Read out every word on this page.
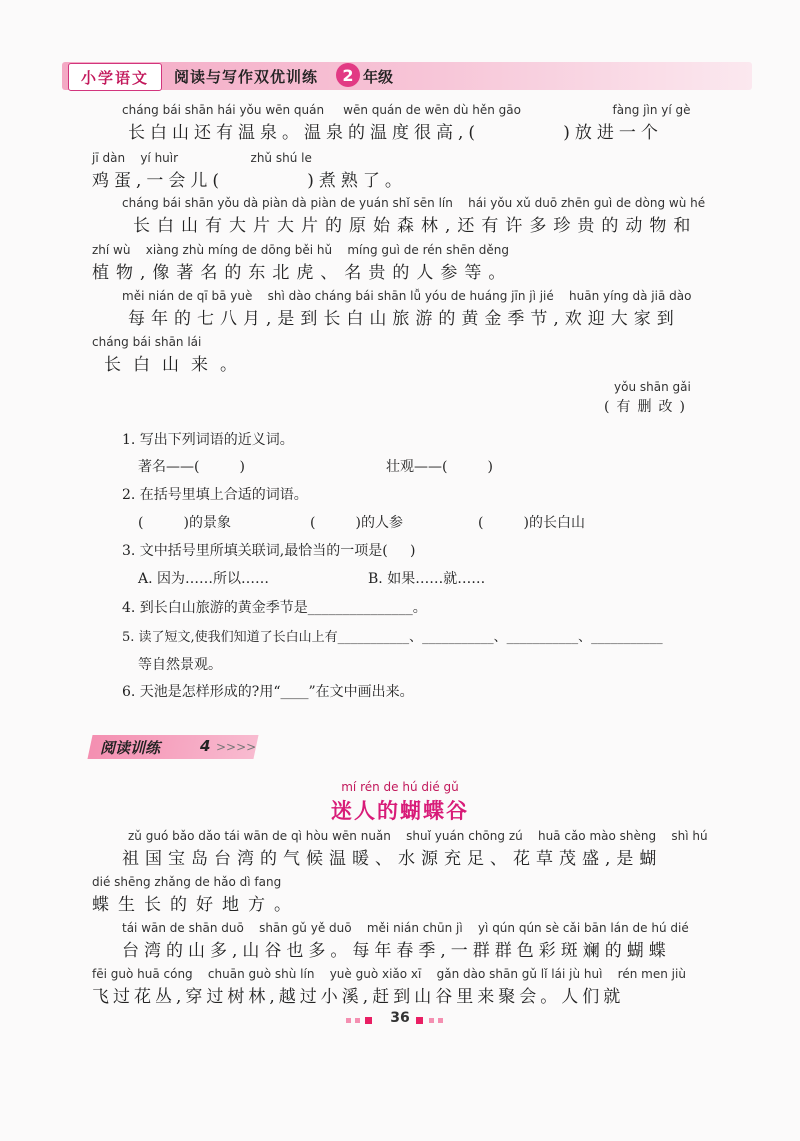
小学语文 阅读与写作双优训练	2 年级
cháng bái shān hái yǒu wēn quán     wēn quán de wēn dù hěn gāo                        fàng jìn yí gè
长白山还有温泉。温泉的温度很高,(        )放进一个
jī dàn    yí huìr                   zhǔ shú le
鸡蛋,一会儿(        )煮熟了。
cháng bái shān yǒu dà piàn dà piàn de yuán shǐ sēn lín    hái yǒu xǔ duō zhēn guì de dòng wù hé
长白山有大片大片的原始森林,还有许多珍贵的动物和
zhí wù    xiàng zhù míng de dōng běi hǔ    míng guì de rén shēn děng
植物,像著名的东北虎、名贵的人参等。
měi nián de qī bā yuè    shì dào cháng bái shān lǚ yóu de huáng jīn jì jié    huān yíng dà jiā dào
每年的七八月,是到长白山旅游的黄金季节,欢迎大家到
cháng bái shān lái
长白山来。
yǒu shān gǎi
(有删改)
1. 写出下列词语的近义词。
著名——(         )	壮观——(         )
2. 在括号里填上合适的词语。
(         )的景象	(         )的人参	(         )的长白山
3. 文中括号里所填关联词,最恰当的一项是(     )
A. 因为……所以……	B. 如果……就……
4. 到长白山旅游的黄金季节是_______________。
5. 读了短文,使我们知道了长白山上有___________、___________、___________、___________
等自然景观。
6. 天池是怎样形成的?用“____”在文中画出来。
阅读训练	4 >>>>
mí rén de hú dié gǔ
迷人的蝴蝶谷
zǔ guó bǎo dǎo tái wān de qì hòu wēn nuǎn    shuǐ yuán chōng zú    huā cǎo mào shèng    shì hú
祖国宝岛台湾的气候温暖、水源充足、花草茂盛,是蝴
dié shēng zhǎng de hǎo dì fang
蝶生长的好地方。
tái wān de shān duō    shān gǔ yě duō    měi nián chūn jì    yì qún qún sè cǎi bān lán de hú dié
台湾的山多,山谷也多。每年春季,一群群色彩斑斓的蝴蝶
fēi guò huā cóng    chuān guò shù lín    yuè guò xiǎo xī    gǎn dào shān gǔ lǐ lái jù huì    rén men jiù
飞过花丛,穿过树林,越过小溪,赶到山谷里来聚会。人们就
36
